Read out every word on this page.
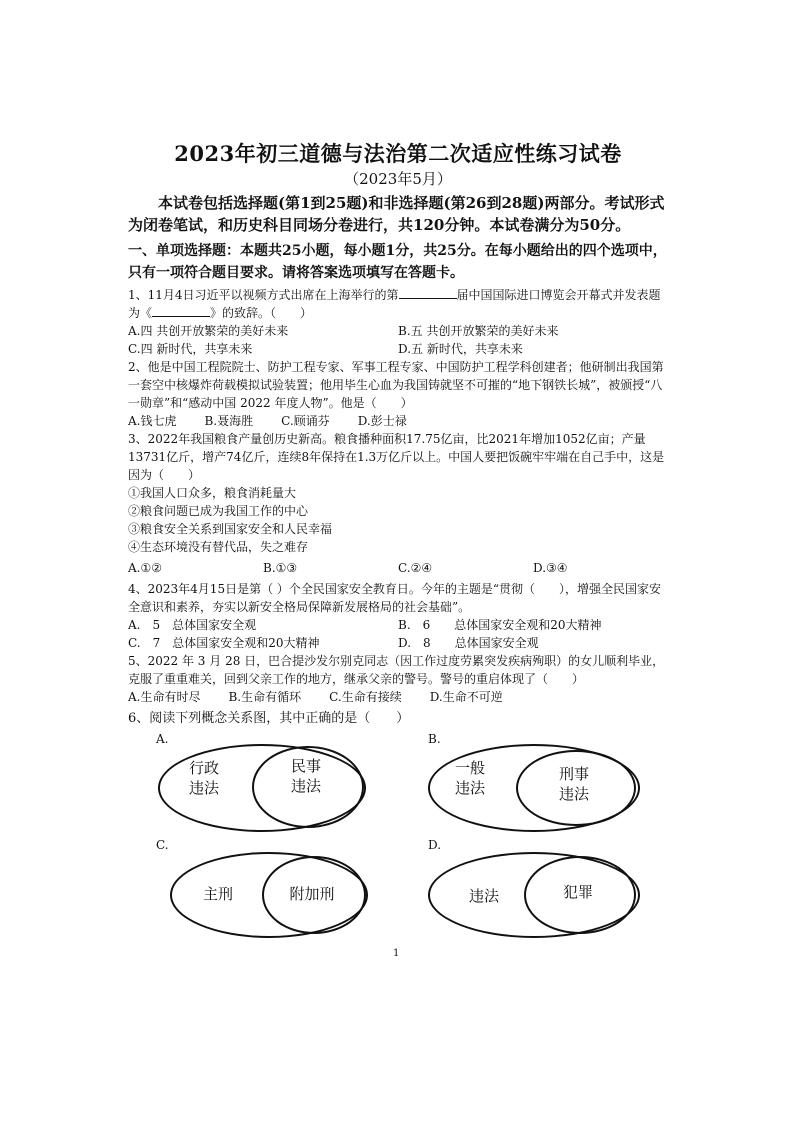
2023年初三道德与法治第二次适应性练习试卷

（2023年5月）

本试卷包括选择题(第1到25题)和非选择题(第26到28题)两部分。考试形式为闭卷笔试，和历史科目同场分卷进行，共120分钟。本试卷满分为50分。

一、单项选择题：本题共25小题，每小题1分，共25分。在每小题给出的四个选项中，只有一项符合题目要求。请将答案选项填写在答题卡。

1、11月4日习近平以视频方式出席在上海举行的第	届中国国际进口博览会开幕式并发表题为《	》的致辞。（　　）

A.四 共创开放繁荣的美好未来	B.五 共创开放繁荣的美好未来
C.四 新时代，共享未来	D.五 新时代，共享未来

2、他是中国工程院院士、防护工程专家、军事工程专家、中国防护工程学科创建者；他研制出我国第一套空中核爆炸荷载模拟试验装置；他用毕生心血为我国铸就坚不可摧的“地下钢铁长城”，被颁授“八一勋章”和“感动中国 2022 年度人物”。他是（　　）

A.钱七虎 B.聂海胜 C.顾诵芬 D.彭士禄

3、2022年我国粮食产量创历史新高。粮食播种面积17.75亿亩，比2021年增加1052亿亩；产量13731亿斤，增产74亿斤，连续8年保持在1.3万亿斤以上。中国人要把饭碗牢牢端在自己手中，这是因为（　　）

①我国人口众多，粮食消耗量大
②粮食问题已成为我国工作的中心
③粮食安全关系到国家安全和人民幸福
④生态环境没有替代品，失之难存
A.①②	B.①③	C.②④	D.③④

4、2023年4月15日是第（ ）个全民国家安全教育日。今年的主题是“贯彻（　　），增强全民国家安全意识和素养，夯实以新安全格局保障新发展格局的社会基础”。

A.　5　总体国家安全观	B.　6　　总体国家安全观和20大精神
C.　7　总体国家安全观和20大精神	D.　8　　总体国家安全观

5、2022 年 3 月 28 日，巴合提沙发尔别克同志（因工作过度劳累突发疾病殉职）的女儿顺利毕业，克服了重重难关，回到父亲工作的地方，继承父亲的警号。警号的重启体现了（　　）

A.生命有时尽 B.生命有循环 C.生命有接续 D.生命不可逆

6、阅读下列概念关系图，其中正确的是（　　）

A.
行政
违法
民事
违法
B.
一般
违法
刑事
违法
C.
主刑	附加刑
D.
违法	犯罪
1
